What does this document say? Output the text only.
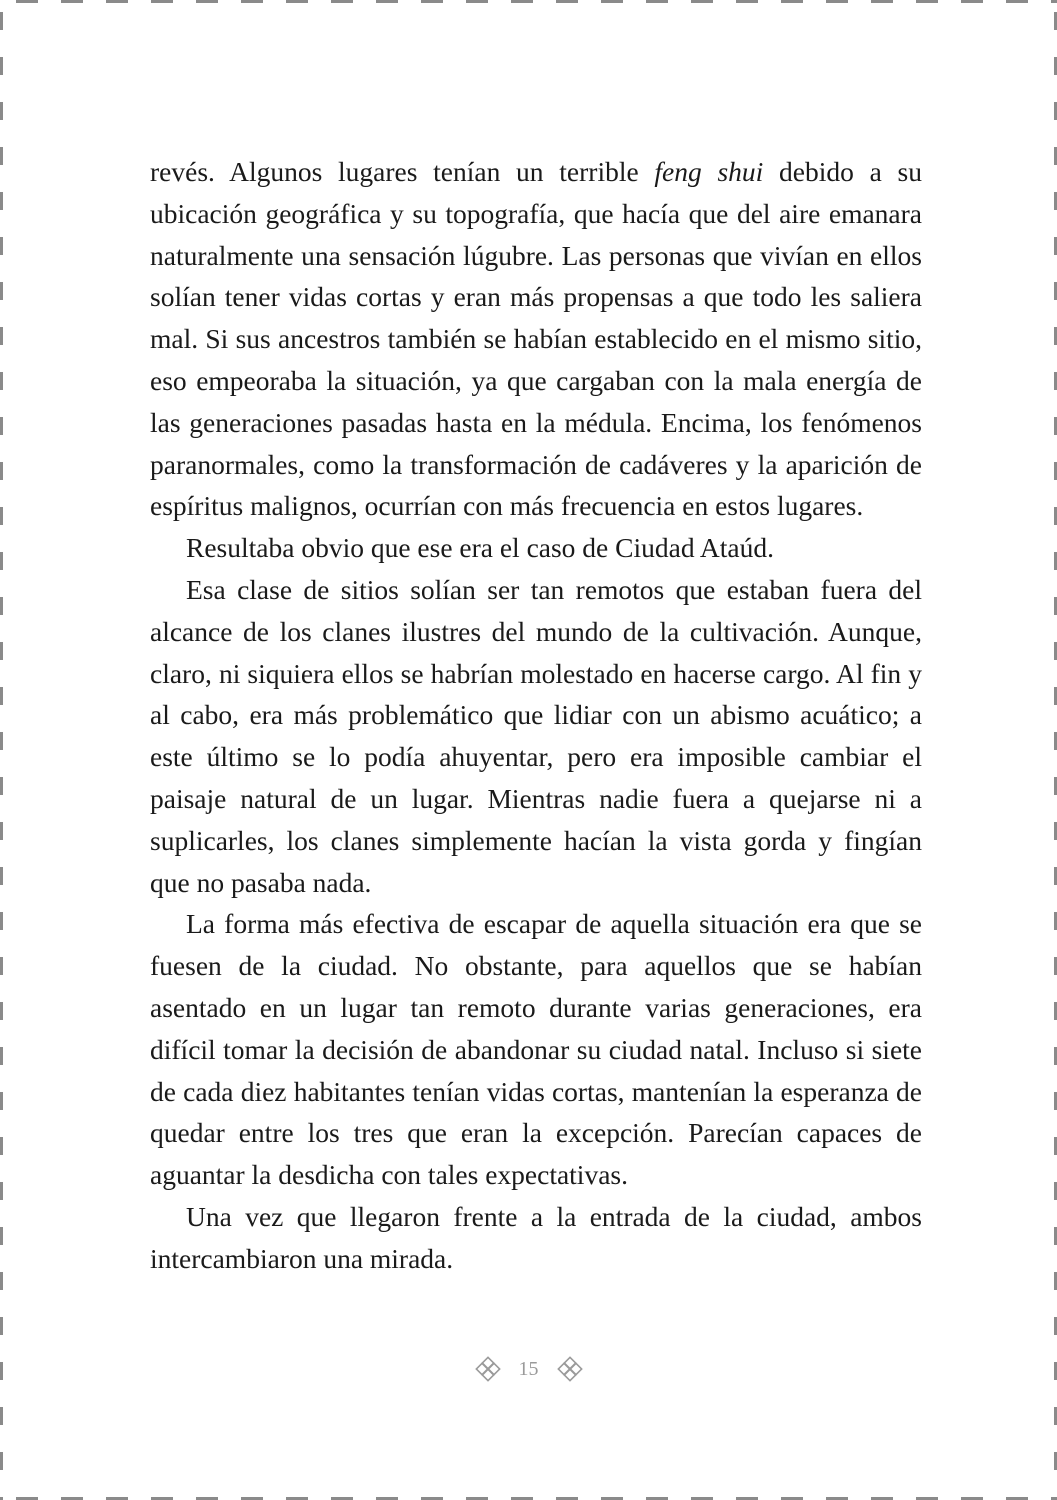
revés. Algunos lugares tenían un terrible feng shui debido a su ubicación geográfica y su topografía, que hacía que del aire emanara naturalmente una sensación lúgubre. Las personas que vivían en ellos solían tener vidas cortas y eran más propensas a que todo les saliera mal. Si sus ancestros también se habían establecido en el mismo sitio, eso empeoraba la situación, ya que cargaban con la mala energía de las generaciones pasadas hasta en la médula. Encima, los fenómenos paranormales, como la transformación de cadáveres y la aparición de espíritus malignos, ocurrían con más frecuencia en estos lugares.

Resultaba obvio que ese era el caso de Ciudad Ataúd.

Esa clase de sitios solían ser tan remotos que estaban fuera del alcance de los clanes ilustres del mundo de la cultivación. Aunque, claro, ni siquiera ellos se habrían molestado en hacerse cargo. Al fin y al cabo, era más problemático que lidiar con un abismo acuático; a este último se lo podía ahuyentar, pero era imposible cambiar el paisaje natural de un lugar. Mientras nadie fuera a quejarse ni a suplicarles, los clanes simplemente hacían la vista gorda y fingían que no pasaba nada.

La forma más efectiva de escapar de aquella situación era que se fuesen de la ciudad. No obstante, para aquellos que se habían asentado en un lugar tan remoto durante varias generaciones, era difícil tomar la decisión de abandonar su ciudad natal. Incluso si siete de cada diez habitantes tenían vidas cortas, mantenían la esperanza de quedar entre los tres que eran la excepción. Parecían capaces de aguantar la desdicha con tales expectativas.

Una vez que llegaron frente a la entrada de la ciudad, ambos intercambiaron una mirada.

15
